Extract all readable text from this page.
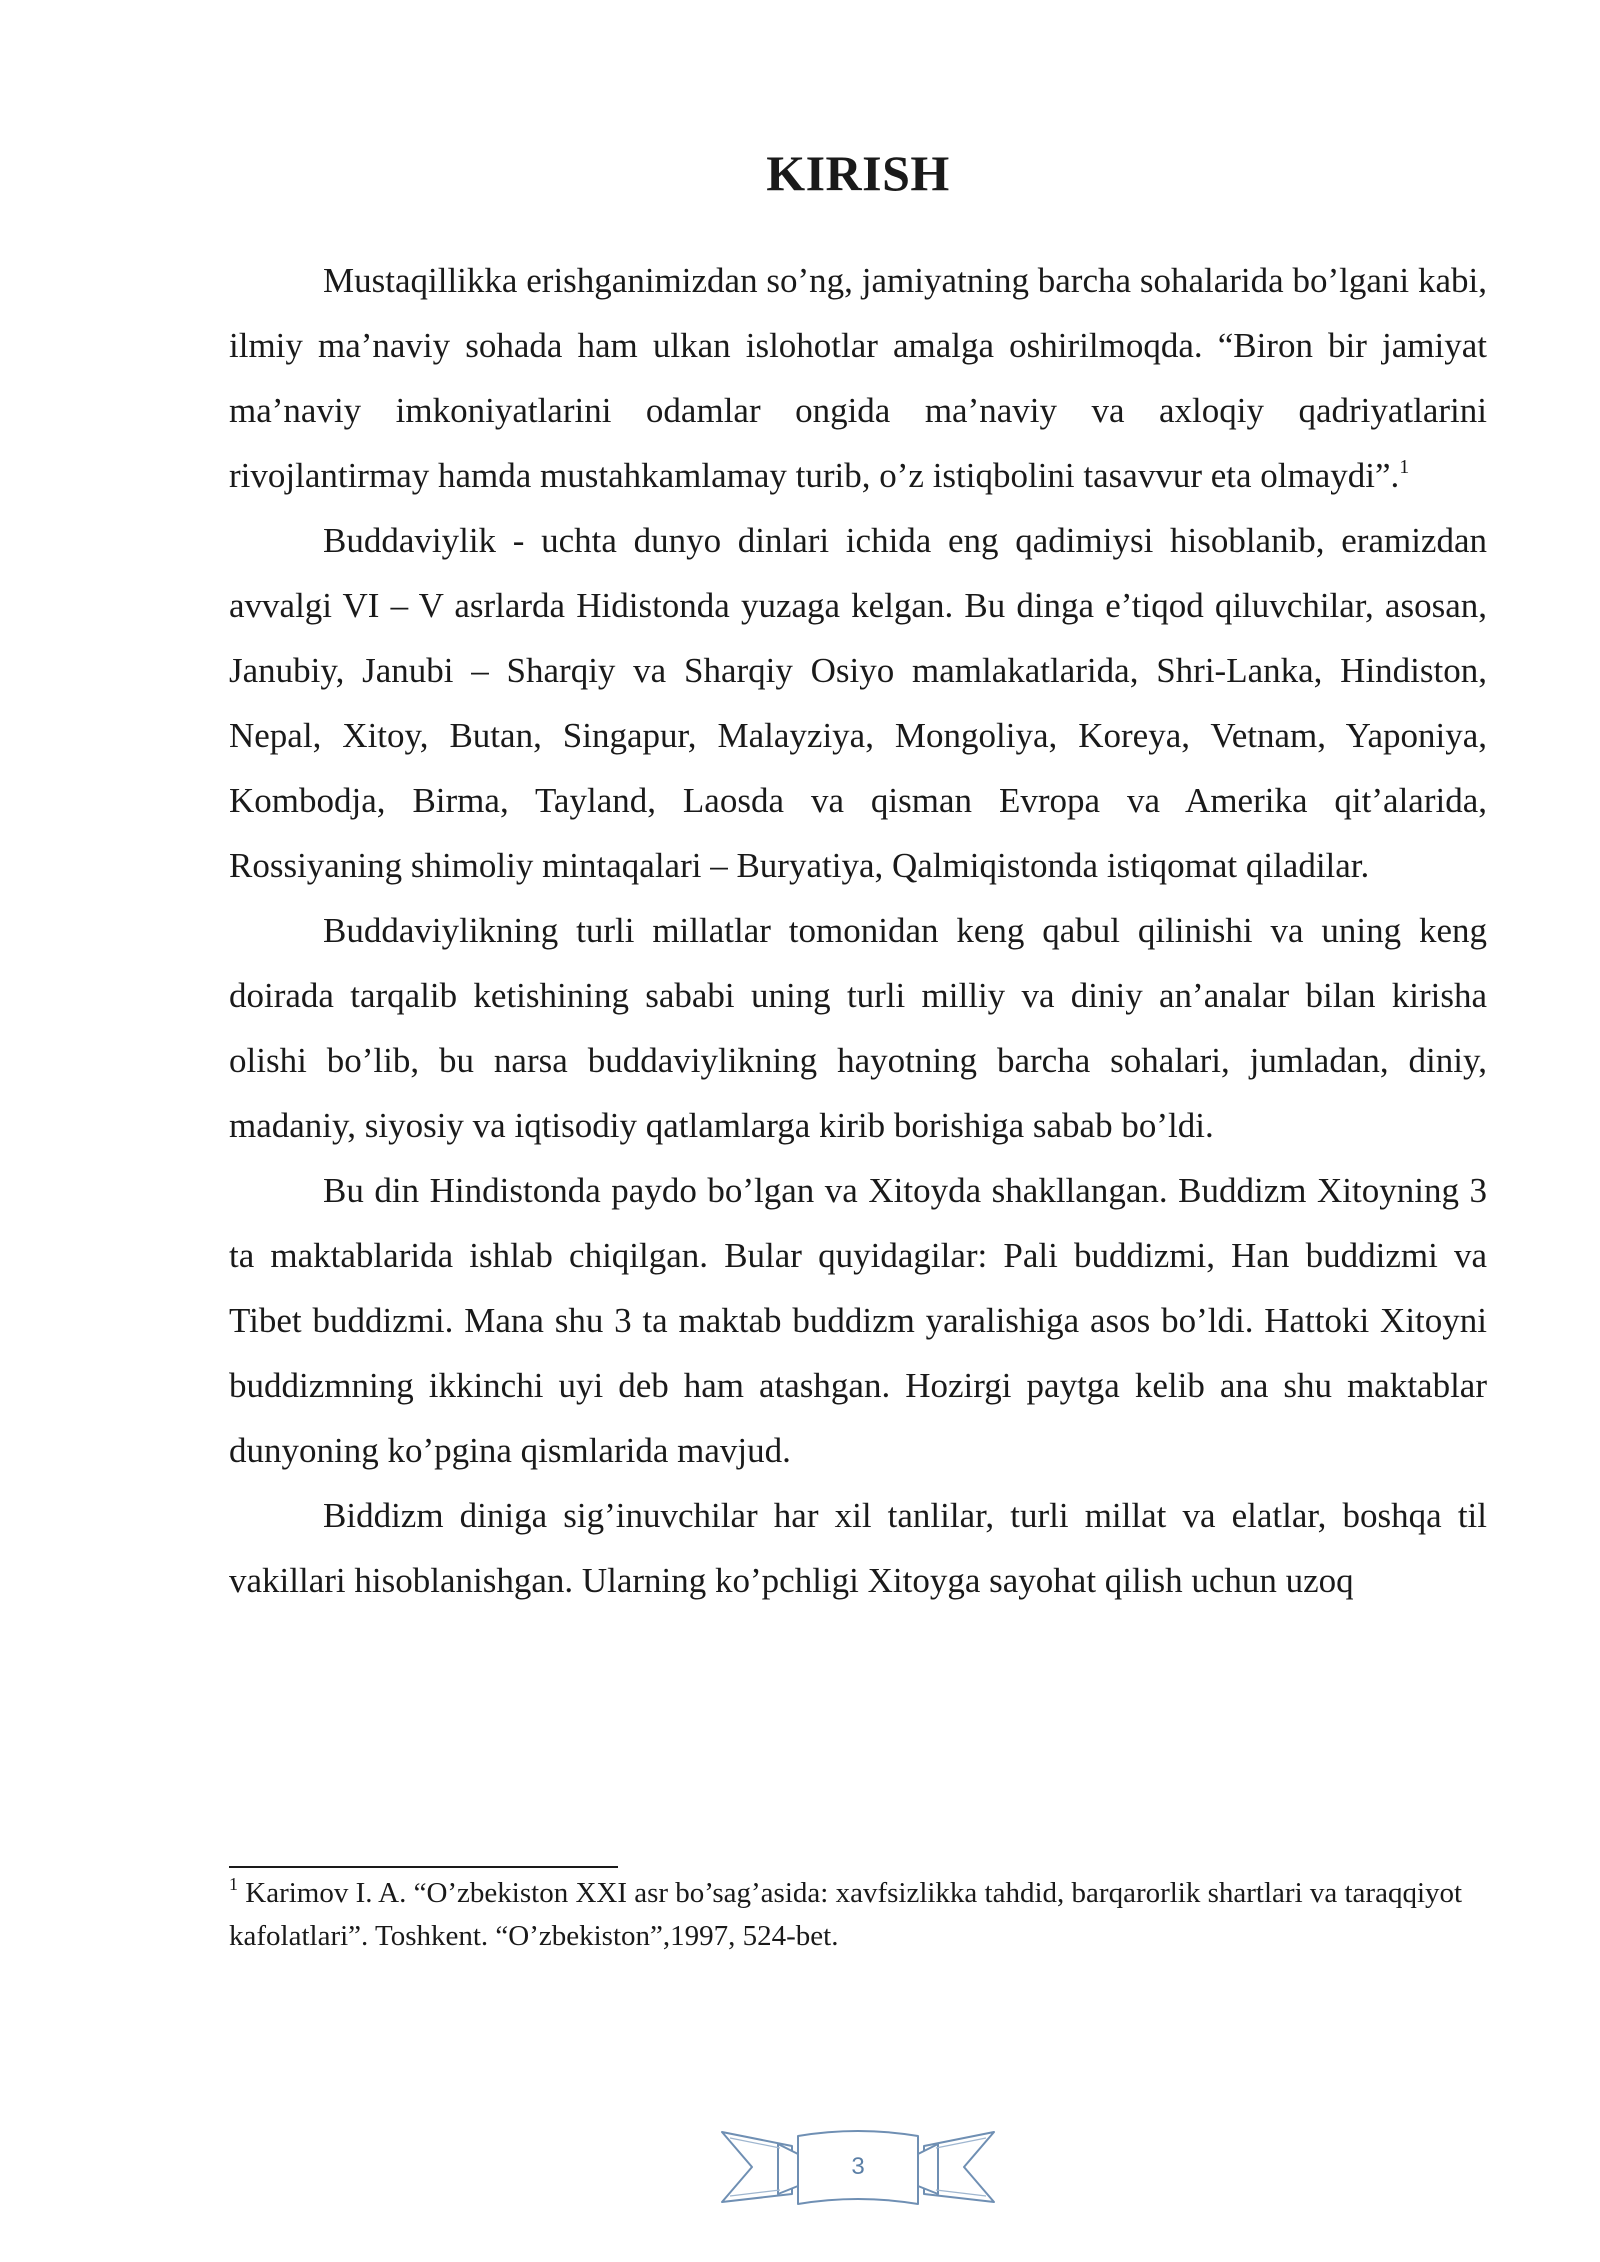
KIRISH

Mustaqillikka erishganimizdan so’ng, jamiyatning barcha sohalarida bo’lgani kabi, ilmiy ma’naviy sohada ham ulkan islohotlar amalga oshirilmoqda. “Biron bir jamiyat ma’naviy imkoniyatlarini odamlar ongida ma’naviy va axloqiy qadriyatlarini rivojlantirmay hamda mustahkamlamay turib, o’z istiqbolini tasavvur eta olmaydi”.$^1$

Buddaviylik - uchta dunyo dinlari ichida eng qadimiysi hisoblanib, eramizdan avvalgi VI – V asrlarda Hidistonda yuzaga kelgan. Bu dinga e’tiqod qiluvchilar, asosan, Janubiy, Janubi – Sharqiy va Sharqiy Osiyo mamlakatlarida, Shri-Lanka, Hindiston, Nepal, Xitoy, Butan, Singapur, Malayziya, Mongoliya, Koreya, Vetnam, Yaponiya, Kombodja, Birma, Tayland, Laosda va qisman Evropa va Amerika qit’alarida, Rossiyaning shimoliy mintaqalari – Buryatiya, Qalmiqistonda istiqomat qiladilar.

Buddaviylikning turli millatlar tomonidan keng qabul qilinishi va uning keng doirada tarqalib ketishining sababi uning turli milliy va diniy an’analar bilan kirisha olishi bo’lib, bu narsa buddaviylikning hayotning barcha sohalari, jumladan, diniy, madaniy, siyosiy va iqtisodiy qatlamlarga kirib borishiga sabab bo’ldi.

Bu din Hindistonda paydo bo’lgan va Xitoyda shakllangan. Buddizm Xitoyning 3 ta maktablarida ishlab chiqilgan. Bular quyidagilar: Pali buddizmi, Han buddizmi va Tibet buddizmi. Mana shu 3 ta maktab buddizm yaralishiga asos bo’ldi. Hattoki Xitoyni buddizmning ikkinchi uyi deb ham atashgan. Hozirgi paytga kelib ana shu maktablar dunyoning ko’pgina qismlarida mavjud.

Biddizm diniga sig’inuvchilar har xil tanlilar, turli millat va elatlar, boshqa til vakillari hisoblanishgan. Ularning ko’pchligi Xitoyga sayohat qilish uchun uzoq

$^1$ Karimov I. A. “O’zbekiston XXI asr bo’sag’asida: xavfsizlikka tahdid, barqarorlik shartlari va taraqqiyot kafolatlari”. Toshkent. “O’zbekiston”,1997, 524-bet.
3
